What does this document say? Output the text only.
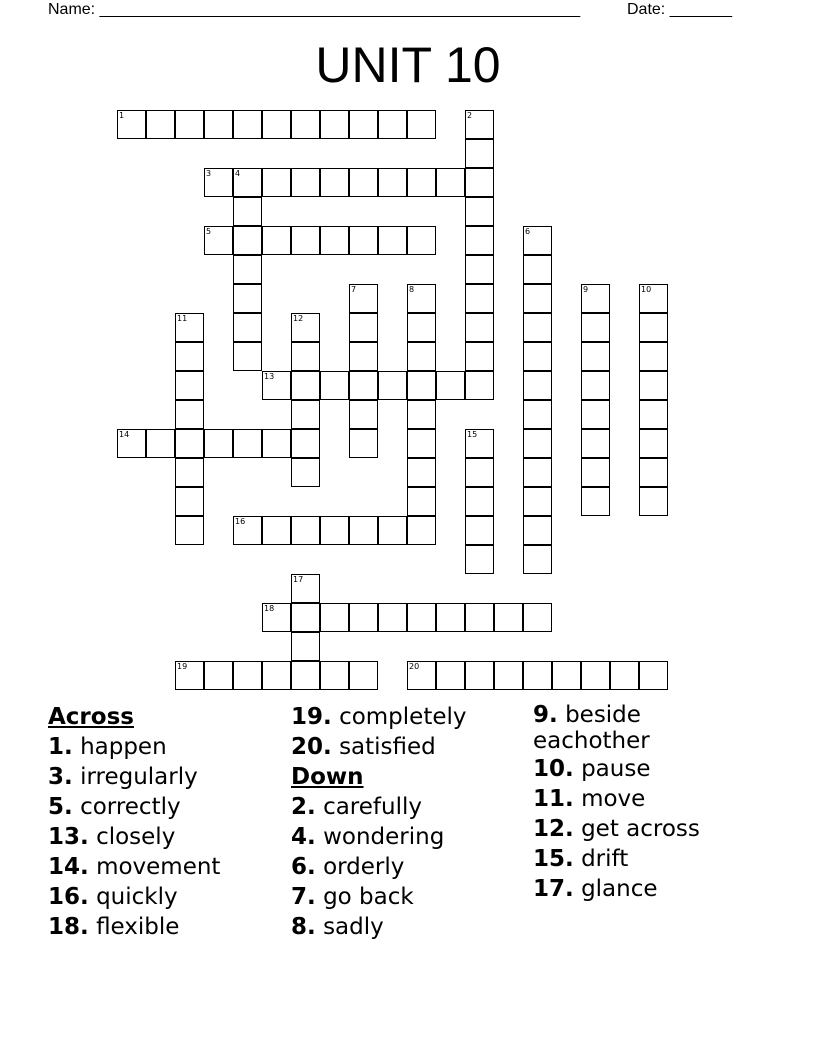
Name: ______________________________________________________	Date: _______
UNIT 10
1	2
3	4
5	6
7	8	9	10
11	12
13
14	15
16
17
18
19	20
Across
1. happen
3. irregularly
5. correctly
13. closely
14. movement
16. quickly
18. flexible
19. completely
20. satisfied
Down
2. carefully
4. wondering
6. orderly
7. go back
8. sadly
9. beside eachother
10. pause
11. move
12. get across
15. drift
17. glance
